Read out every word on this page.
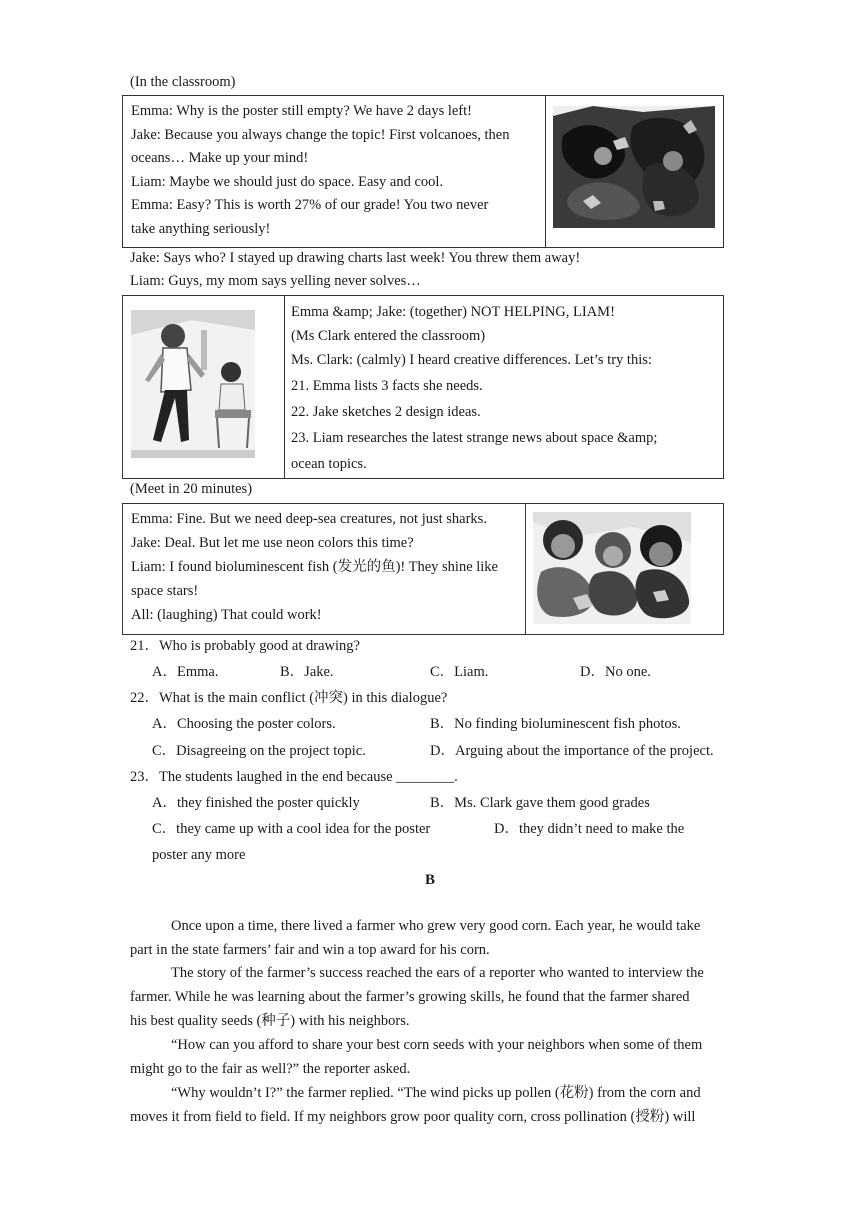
(In the classroom)
Emma: Why is the poster still empty? We have 2 days left!
Jake: Because you always change the topic! First volcanoes, then
oceans… Make up your mind!
Liam: Maybe we should just do space. Easy and cool.
Emma: Easy? This is worth 27% of our grade! You two never
take anything seriously!
Jake: Says who? I stayed up drawing charts last week! You threw them away!
Liam: Guys, my mom says yelling never solves…
Emma &amp; Jake: (together) NOT HELPING, LIAM!
(Ms Clark entered the classroom)
Ms. Clark: (calmly) I heard creative differences. Let’s try this:
21. Emma lists 3 facts she needs.
22. Jake sketches 2 design ideas.
23. Liam researches the latest strange news about space &amp;
ocean topics.
(Meet in 20 minutes)
Emma: Fine. But we need deep-sea creatures, not just sharks.
Jake: Deal. But let me use neon colors this time?
Liam: I found bioluminescent fish (发光的鱼)! They shine like
space stars!
All: (laughing) That could work!
21．Who is probably good at drawing?
A．Emma.	B．Jake.	C．Liam.	D．No one.
22．What is the main conflict (冲突) in this dialogue?
A．Choosing the poster colors.	B．No finding bioluminescent fish photos.
C．Disagreeing on the project topic.	D．Arguing about the importance of the project.
23．The students laughed in the end because ________.
A．they finished the poster quickly	B．Ms. Clark gave them good grades
C．they came up with a cool idea for the poster	D．they didn’t need to make the
poster any more
B
Once upon a time, there lived a farmer who grew very good corn. Each year, he would take
part in the state farmers’ fair and win a top award for his corn.
The story of the farmer’s success reached the ears of a reporter who wanted to interview the
farmer. While he was learning about the farmer’s growing skills, he found that the farmer shared
his best quality seeds (种子) with his neighbors.
“How can you afford to share your best corn seeds with your neighbors when some of them
might go to the fair as well?” the reporter asked.
“Why wouldn’t I?” the farmer replied. “The wind picks up pollen (花粉) from the corn and
moves it from field to field. If my neighbors grow poor quality corn, cross pollination (授粉) will
